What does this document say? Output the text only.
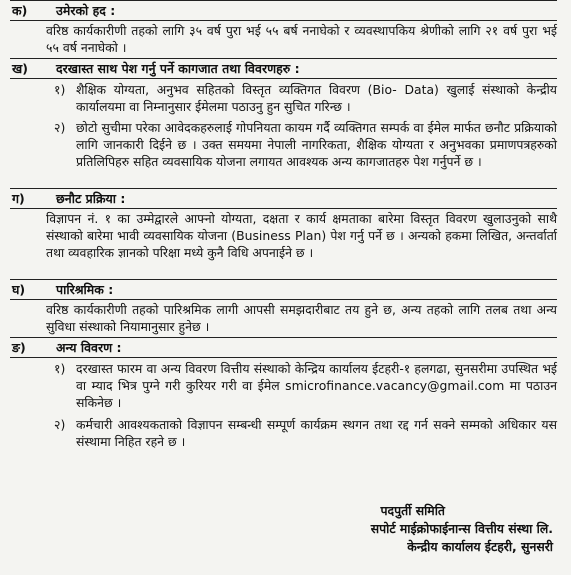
क)	उमेरको हद :
वरिष्ठ कार्यकारीणी तहको लागि ३५ वर्ष पुरा भई ५५ बर्ष ननाघेको र व्यवस्थापकिय श्रेणीको लागि २१ वर्ष पुरा भई ५५ वर्ष ननाघेको ।
ख)	दरखास्त साथ पेश गर्नु पर्ने कागजात तथा विवरणहरु :
१) शैक्षिक योग्यता, अनुभव सहितको विस्तृत व्यक्तिगत विवरण (Bio- Data) खुलाई संस्थाको केन्द्रीय कार्यालयमा वा निम्नानुसार ईमेलमा पठाउनु हुन सुचित गरिन्छ ।
२) छोटो सुचीमा परेका आवेदकहरुलाई गोपनियता कायम गर्दै व्यक्तिगत सम्पर्क वा ईमेल मार्फत छनौट प्रक्रियाको लागि जानकारी दिईने छ । उक्त समयमा नेपाली नागरिकता, शैक्षिक योग्यता र अनुभवका प्रमाणपत्रहरुको प्रतिलिपिहरु सहित व्यवसायिक योजना लगायत आवश्यक अन्य कागजातहरु पेश गर्नुपर्ने छ ।
ग)	छनौट प्रक्रिया :
विज्ञापन नं. १ का उम्मेद्वारले आफ्नो योग्यता, दक्षता र कार्य क्षमताका बारेमा विस्तृत विवरण खुलाउनुको साथै संस्थाको बारेमा भावी व्यवसायिक योजना (Business Plan) पेश गर्नु पर्ने छ । अन्यको हकमा लिखित, अन्तर्वार्ता तथा व्यवहारिक ज्ञानको परिक्षा मध्ये कुनै विधि अपनाईने छ ।
घ)	पारिश्रमिक :
वरिष्ठ कार्यकारीणी तहको पारिश्रमिक लागी आपसी समझदारीबाट तय हुने छ, अन्य तहको लागि तलब तथा अन्य सुविधा संस्थाको नियामानुसार हुनेछ ।
ङ)	अन्य विवरण :
१) दरखास्त फारम वा अन्य विवरण वित्तीय संस्थाको केन्द्रिय कार्यालय ईटहरी-१ हलगढा, सुनसरीमा उपस्थित भई वा म्याद भित्र पुग्ने गरी कुरियर गरी वा ईमेल smicrofinance.vacancy@gmail.com मा पठाउन सकिनेछ ।
२) कर्मचारी आवश्यकताको विज्ञापन सम्बन्धी सम्पूर्ण कार्यक्रम स्थगन तथा रद्द गर्न सक्ने सम्मको अधिकार यस संस्थामा निहित रहने छ ।
पदपुर्ती समिति
सपोर्ट माईक्रोफाईनान्स वित्तीय संस्था लि.
केन्द्रीय कार्यालय ईटहरी, सुनसरी
